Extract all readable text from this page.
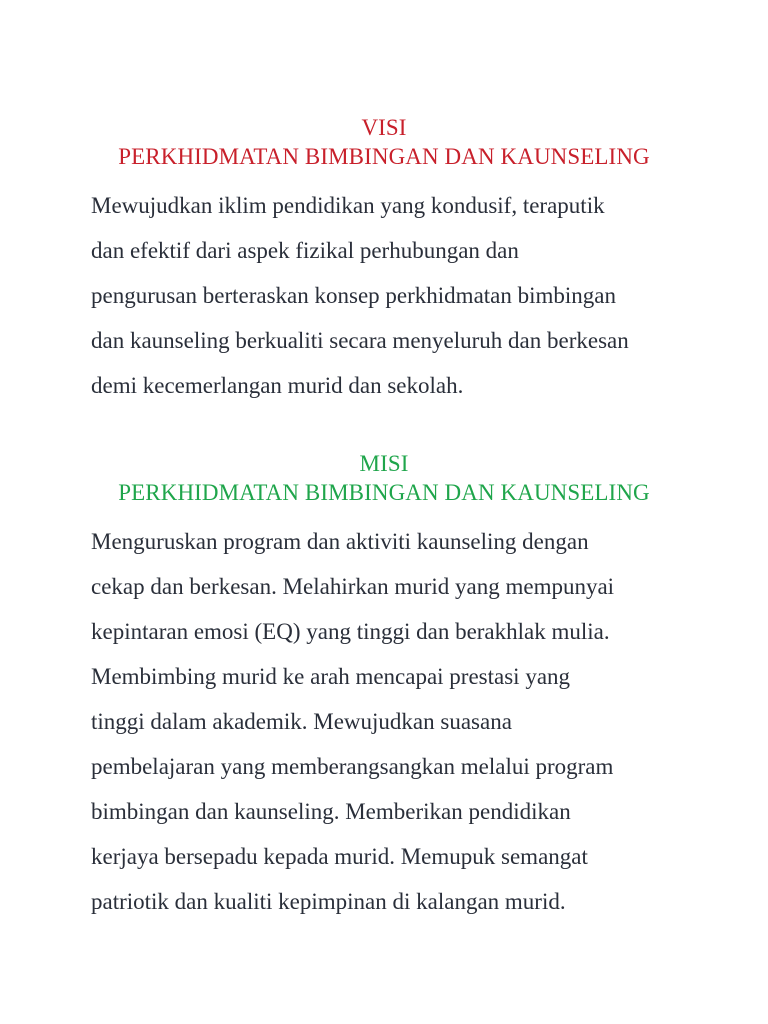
VISI
PERKHIDMATAN BIMBINGAN DAN KAUNSELING

Mewujudkan iklim pendidikan yang kondusif, teraputik
dan efektif dari aspek fizikal perhubungan dan
pengurusan berteraskan konsep perkhidmatan bimbingan
dan kaunseling berkualiti secara menyeluruh dan berkesan
demi kecemerlangan murid dan sekolah.

MISI
PERKHIDMATAN BIMBINGAN DAN KAUNSELING

Menguruskan program dan aktiviti kaunseling dengan
cekap dan berkesan. Melahirkan murid yang mempunyai
kepintaran emosi (EQ) yang tinggi dan berakhlak mulia.
Membimbing murid ke arah mencapai prestasi yang
tinggi dalam akademik. Mewujudkan suasana
pembelajaran yang memberangsangkan melalui program
bimbingan dan kaunseling. Memberikan pendidikan
kerjaya bersepadu kepada murid. Memupuk semangat
patriotik dan kualiti kepimpinan di kalangan murid.
